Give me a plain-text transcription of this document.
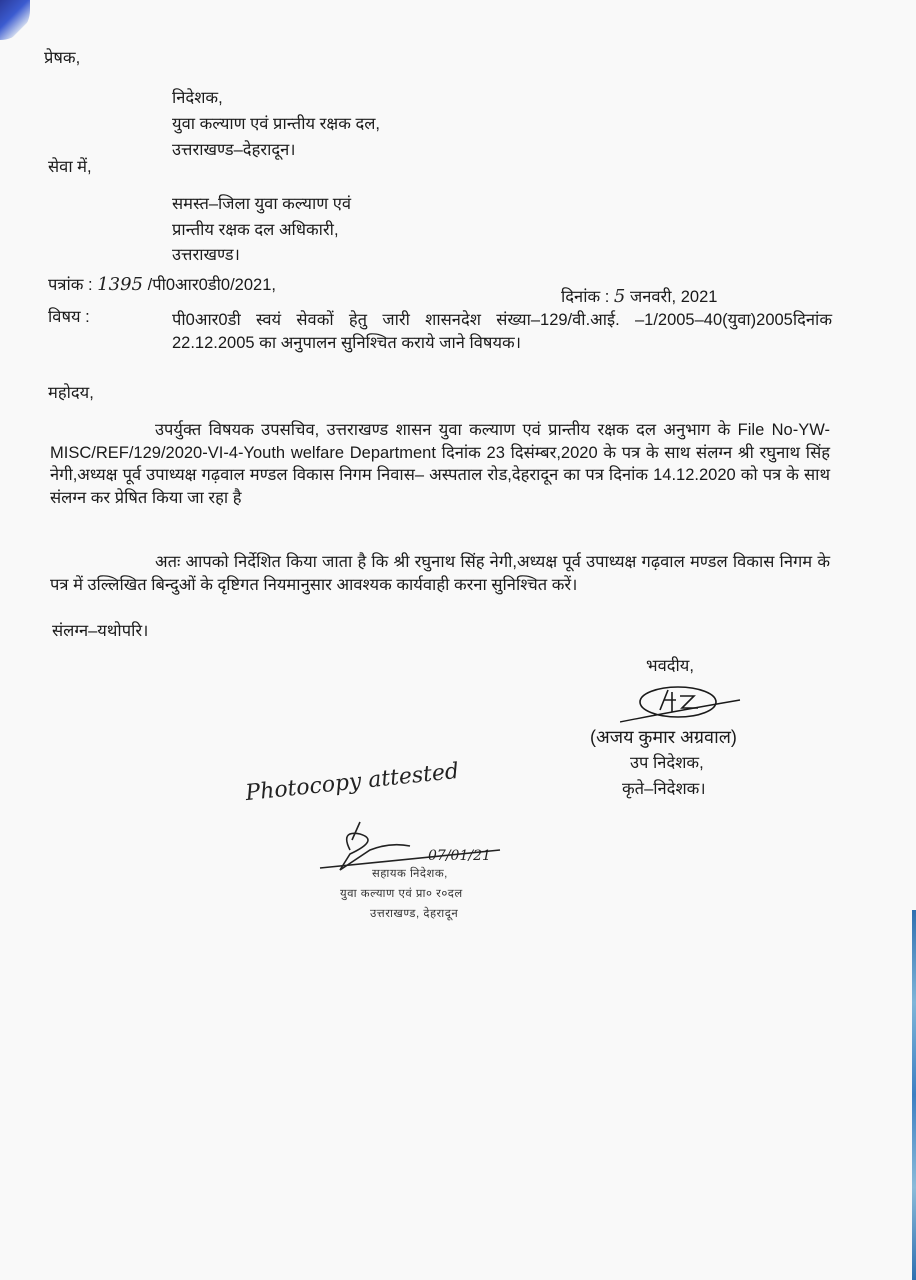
प्रेषक,
निदेशक,
युवा कल्याण एवं प्रान्तीय रक्षक दल,
उत्तराखण्ड–देहरादून।
सेवा में,
समस्त–जिला युवा कल्याण एवं
प्रान्तीय रक्षक दल अधिकारी,
उत्तराखण्ड।
पत्रांक : 1395 /पी0आर0डी0/2021,
दिनांक : 5 जनवरी, 2021
विषय :	पी0आर0डी स्वयं सेवकों हेतु जारी शासनदेश संख्या–129/वी.आई. –1/2005–40(युवा)2005दिनांक 22.12.2005 का अनुपालन सुनिश्चित कराये जाने विषयक।
महोदय,
उपर्युक्त विषयक उपसचिव, उत्तराखण्ड शासन युवा कल्याण एवं प्रान्तीय रक्षक दल अनुभाग के File No-YW-MISC/REF/129/2020-VI-4-Youth welfare Department दिनांक 23 दिसंम्बर,2020 के पत्र के साथ संलग्न श्री रघुनाथ सिंह नेगी,अध्यक्ष पूर्व उपाध्यक्ष गढ़वाल मण्डल विकास निगम निवास– अस्पताल रोड,देहरादून का पत्र दिनांक 14.12.2020 को पत्र के साथ संलग्न कर प्रेषित किया जा रहा है
अतः आपको निर्देशित किया जाता है कि श्री रघुनाथ सिंह नेगी,अध्यक्ष पूर्व उपाध्यक्ष गढ़वाल मण्डल विकास निगम के पत्र में उल्लिखित बिन्दुओं के दृष्टिगत नियमानुसार आवश्यक कार्यवाही करना सुनिश्चित करें।
संलग्न–यथोपरि।
भवदीय,
(अजय कुमार अग्रवाल)
उप निदेशक,
कृते–निदेशक।
Photocopy attested
07/01/21
सहायक निदेशक,
युवा कल्याण एवं प्रा० र०दल
उत्तराखण्ड, देहरादून
